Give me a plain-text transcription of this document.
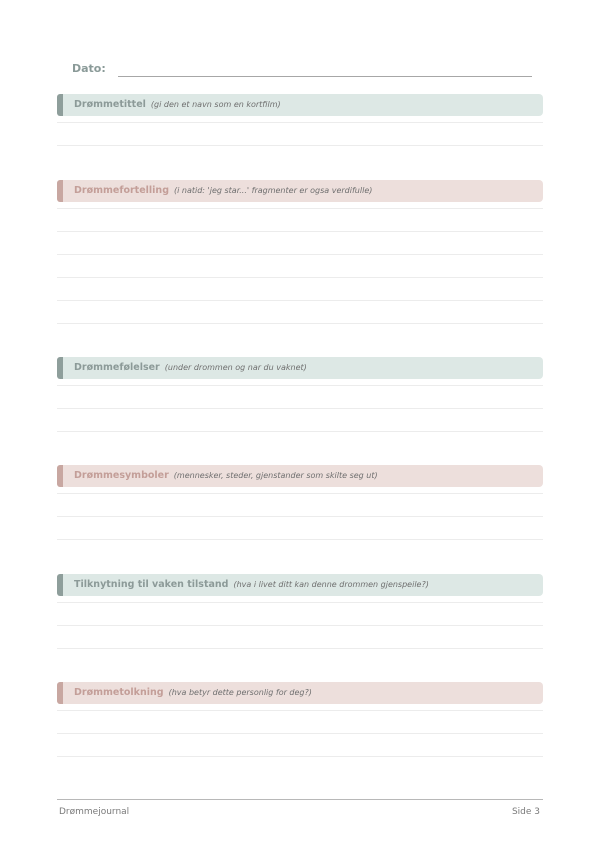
Dato:
Drømmetittel (gi den et navn som en kortfilm)
Drømmefortelling (i natid: 'jeg star...' fragmenter er ogsa verdifulle)
Drømmefølelser (under drommen og nar du vaknet)
Drømmesymboler (mennesker, steder, gjenstander som skilte seg ut)
Tilknytning til vaken tilstand (hva i livet ditt kan denne drommen gjenspeile?)
Drømmetolkning (hva betyr dette personlig for deg?)
Drømmejournal	Side 3
